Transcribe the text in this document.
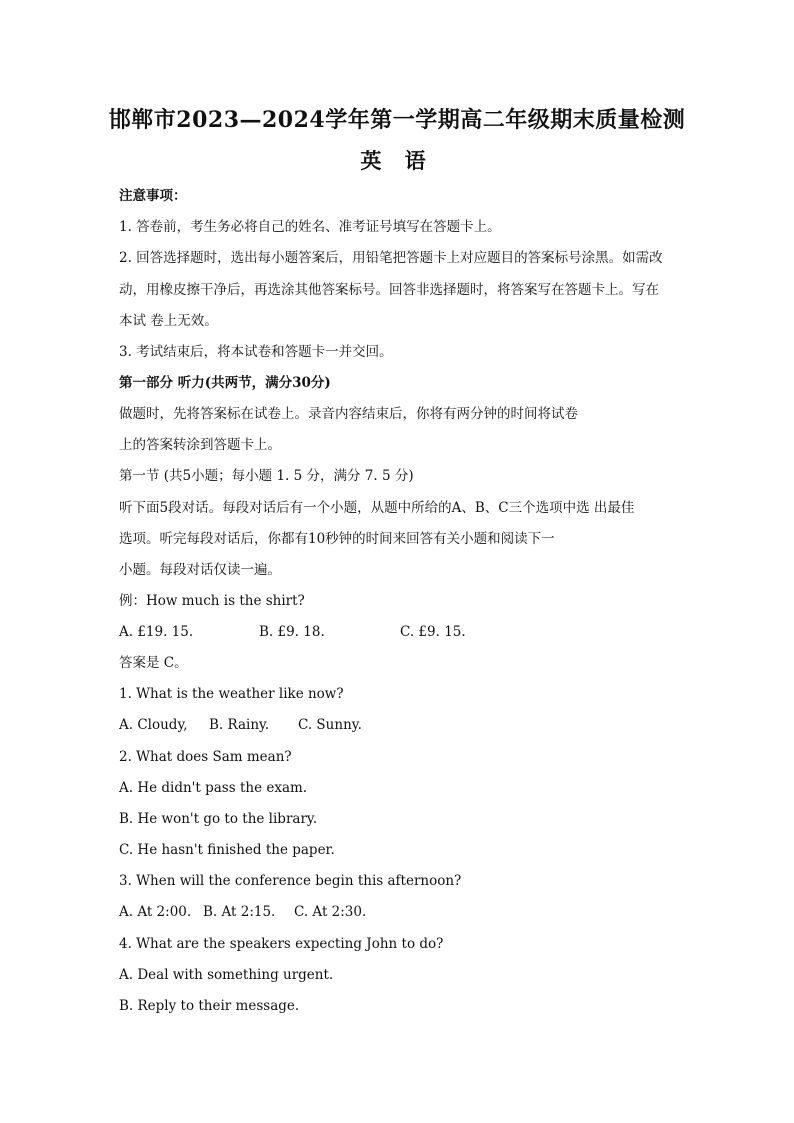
邯郸市2023—2024学年第一学期高二年级期末质量检测
英 语
注意事项：
1. 答卷前，考生务必将自己的姓名、准考证号填写在答题卡上。
2. 回答选择题时，选出每小题答案后，用铅笔把答题卡上对应题目的答案标号涂黑。如需改
动，用橡皮擦干净后，再选涂其他答案标号。回答非选择题时，将答案写在答题卡上。写在
本试 卷上无效。
3. 考试结束后，将本试卷和答题卡一并交回。
第一部分 听力(共两节，满分30分)
做题时，先将答案标在试卷上。录音内容结束后，你将有两分钟的时间将试卷
上的答案转涂到答题卡上。
第一节 (共5小题；每小题 1. 5 分，满分 7. 5 分)
听下面5段对话。每段对话后有一个小题，从题中所给的A、B、C三个选项中选 出最佳
选项。听完每段对话后，你都有10秒钟的时间来回答有关小题和阅读下一
小题。每段对话仅读一遍。
例：How much is the shirt?
A. £19. 15.	B. £9. 18.	C. £9. 15.
答案是 C。
1. What is the weather like now?
A. Cloudy, B. Rainy. C. Sunny.
2. What does Sam mean?
A. He didn't pass the exam.
B. He won't go to the library.
C. He hasn't finished the paper.
3. When will the conference begin this afternoon?
A. At 2:00. B. At 2:15. C. At 2:30.
4. What are the speakers expecting John to do?
A. Deal with something urgent.
B. Reply to their message.
